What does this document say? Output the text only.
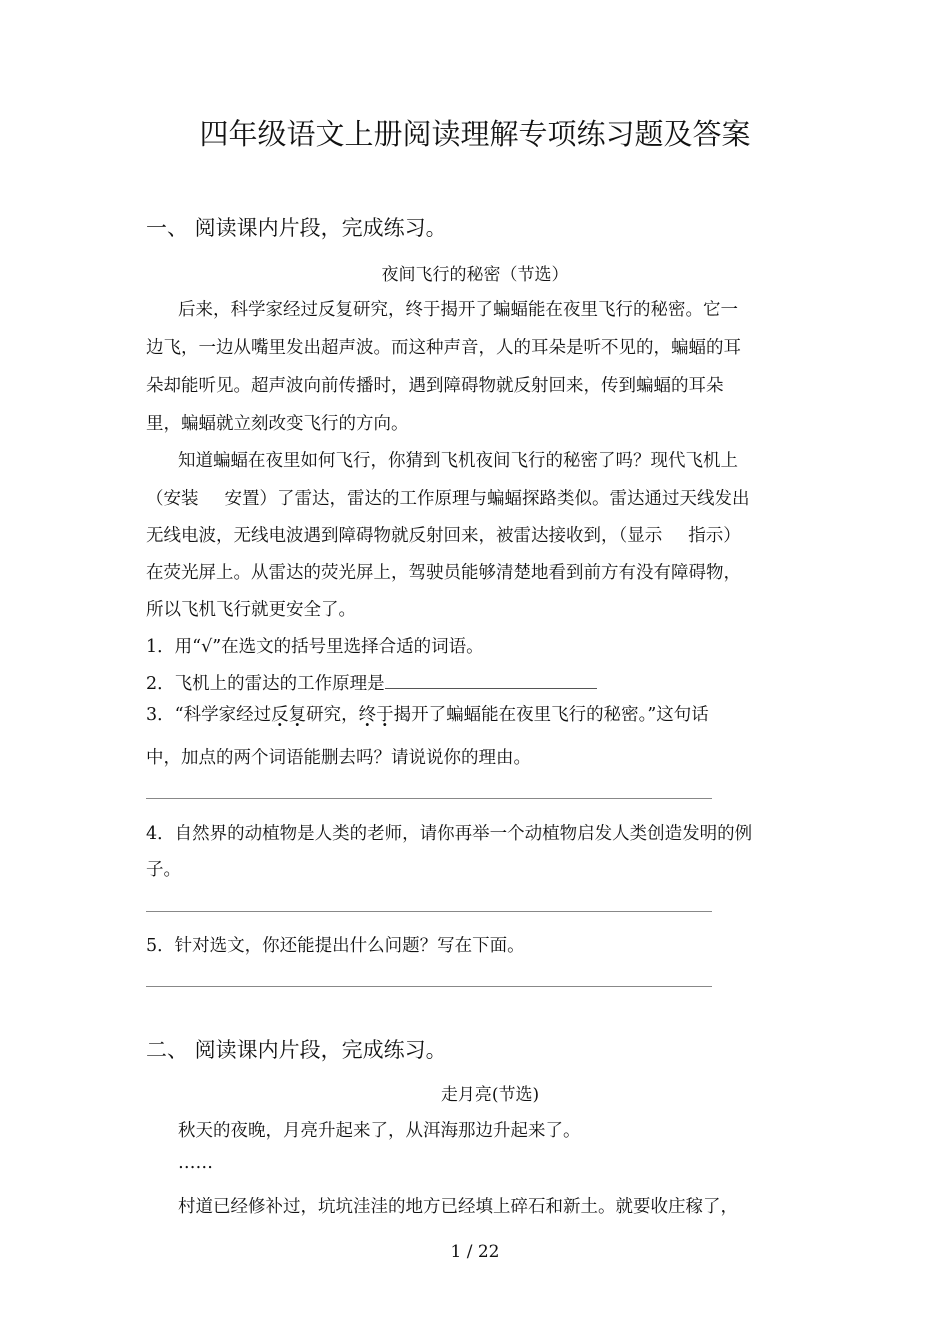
四年级语文上册阅读理解专项练习题及答案
一、 阅读课内片段，完成练习。
夜间飞行的秘密（节选）
后来，科学家经过反复研究，终于揭开了蝙蝠能在夜里飞行的秘密。它一
边飞，一边从嘴里发出超声波。而这种声音，人的耳朵是听不见的，蝙蝠的耳
朵却能听见。超声波向前传播时，遇到障碍物就反射回来，传到蝙蝠的耳朵
里，蝙蝠就立刻改变飞行的方向。
知道蝙蝠在夜里如何飞行，你猜到飞机夜间飞行的秘密了吗？现代飞机上
（安装 安置）了雷达，雷达的工作原理与蝙蝠探路类似。雷达通过天线发出
无线电波，无线电波遇到障碍物就反射回来，被雷达接收到，（显示 指示）
在荧光屏上。从雷达的荧光屏上，驾驶员能够清楚地看到前方有没有障碍物，
所以飞机飞行就更安全了。
1．用“√”在选文的括号里选择合适的词语。
2．飞机上的雷达的工作原理是
3．“科学家经过反复研究，终于揭开了蝙蝠能在夜里飞行的秘密。”这句话
中，加点的两个词语能删去吗？请说说你的理由。
4．自然界的动植物是人类的老师，请你再举一个动植物启发人类创造发明的例
子。
5．针对选文，你还能提出什么问题？写在下面。
二、 阅读课内片段，完成练习。
走月亮(节选)
秋天的夜晚，月亮升起来了，从洱海那边升起来了。
……
村道已经修补过，坑坑洼洼的地方已经填上碎石和新土。就要收庄稼了，
1 / 22
